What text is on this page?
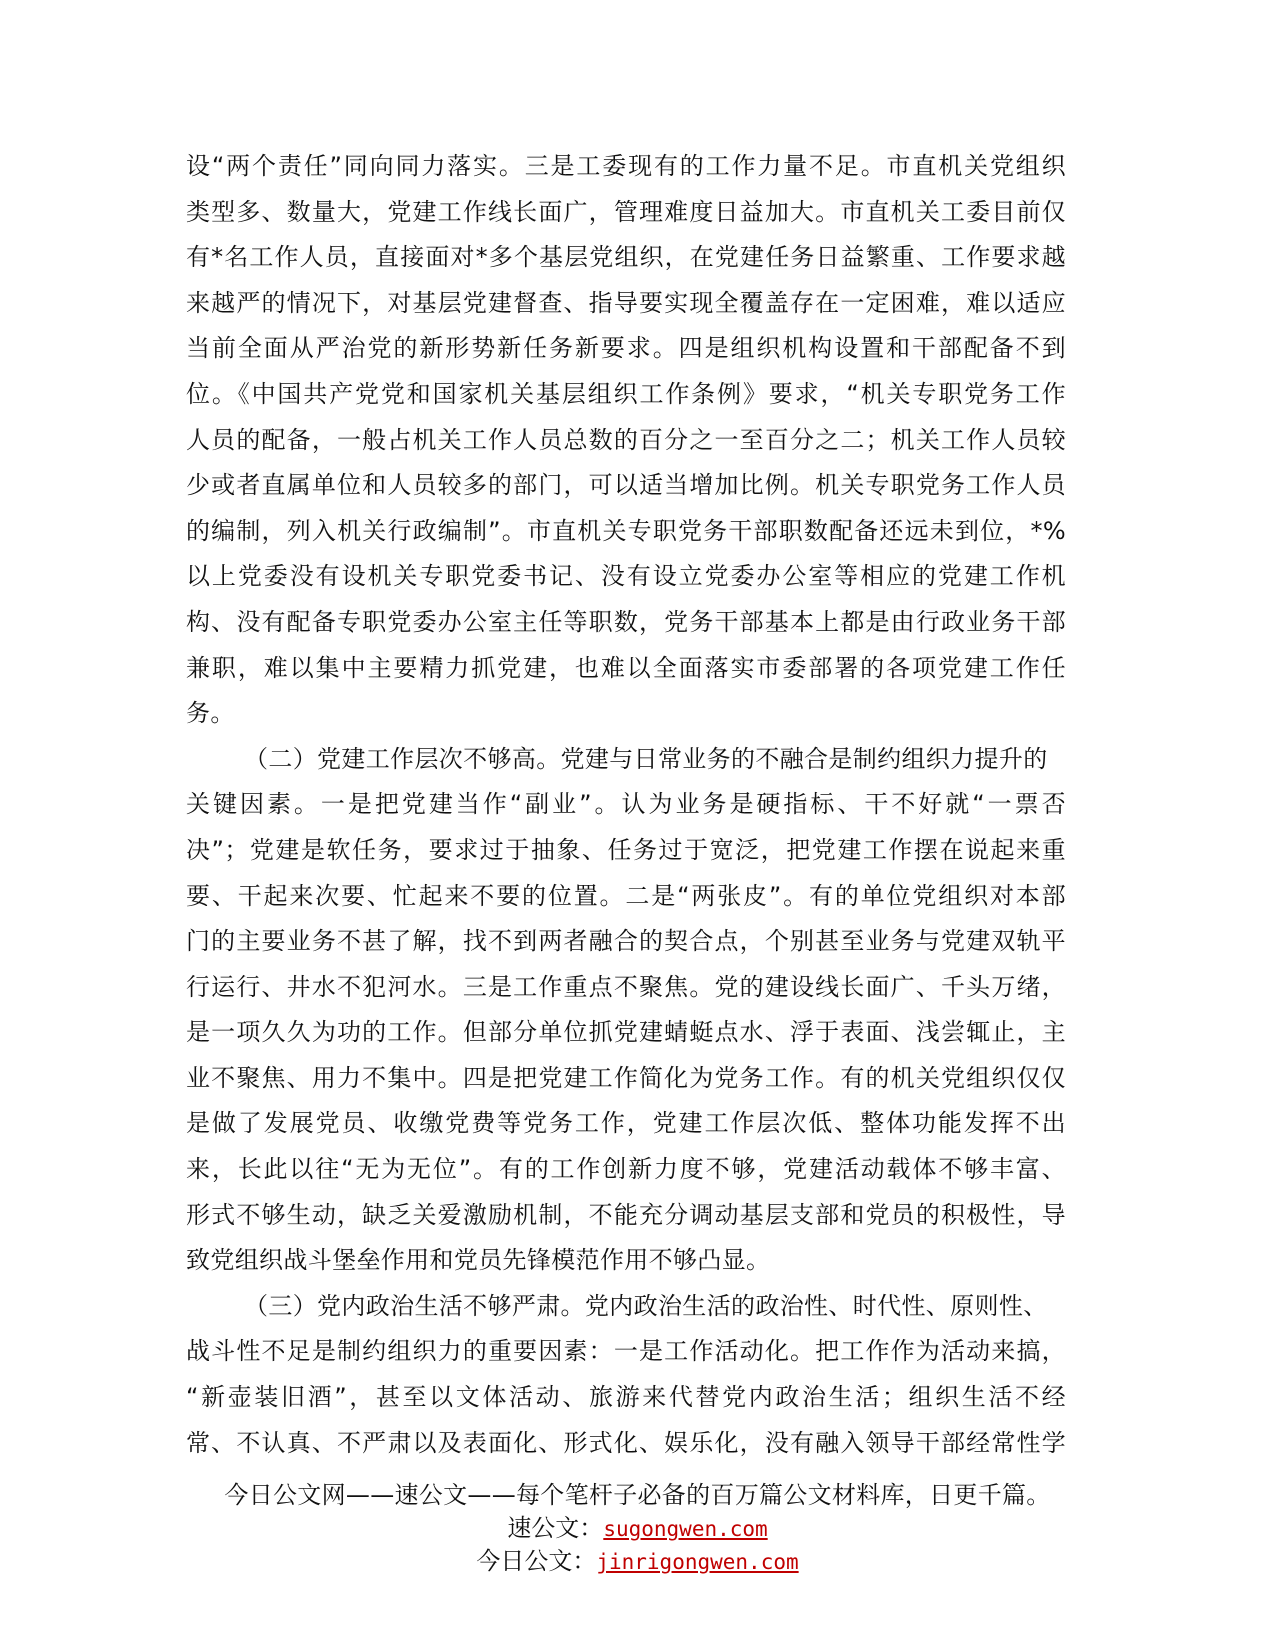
设“两个责任”同向同力落实。三是工委现有的工作力量不足。市直机关党组织
类型多、数量大，党建工作线长面广，管理难度日益加大。市直机关工委目前仅
有*名工作人员，直接面对*多个基层党组织，在党建任务日益繁重、工作要求越
来越严的情况下，对基层党建督查、指导要实现全覆盖存在一定困难，难以适应
当前全面从严治党的新形势新任务新要求。四是组织机构设置和干部配备不到
位。《中国共产党党和国家机关基层组织工作条例》要求，“机关专职党务工作
人员的配备，一般占机关工作人员总数的百分之一至百分之二；机关工作人员较
少或者直属单位和人员较多的部门，可以适当增加比例。机关专职党务工作人员
的编制，列入机关行政编制”。市直机关专职党务干部职数配备还远未到位，*%
以上党委没有设机关专职党委书记、没有设立党委办公室等相应的党建工作机
构、没有配备专职党委办公室主任等职数，党务干部基本上都是由行政业务干部
兼职，难以集中主要精力抓党建，也难以全面落实市委部署的各项党建工作任
务。
（二）党建工作层次不够高。党建与日常业务的不融合是制约组织力提升的
关键因素。一是把党建当作“副业”。认为业务是硬指标、干不好就“一票否
决”；党建是软任务，要求过于抽象、任务过于宽泛，把党建工作摆在说起来重
要、干起来次要、忙起来不要的位置。二是“两张皮”。有的单位党组织对本部
门的主要业务不甚了解，找不到两者融合的契合点，个别甚至业务与党建双轨平
行运行、井水不犯河水。三是工作重点不聚焦。党的建设线长面广、千头万绪，
是一项久久为功的工作。但部分单位抓党建蜻蜓点水、浮于表面、浅尝辄止，主
业不聚焦、用力不集中。四是把党建工作简化为党务工作。有的机关党组织仅仅
是做了发展党员、收缴党费等党务工作，党建工作层次低、整体功能发挥不出
来，长此以往“无为无位”。有的工作创新力度不够，党建活动载体不够丰富、
形式不够生动，缺乏关爱激励机制，不能充分调动基层支部和党员的积极性，导
致党组织战斗堡垒作用和党员先锋模范作用不够凸显。
（三）党内政治生活不够严肃。党内政治生活的政治性、时代性、原则性、
战斗性不足是制约组织力的重要因素：一是工作活动化。把工作作为活动来搞，
“新壶装旧酒”，甚至以文体活动、旅游来代替党内政治生活；组织生活不经
常、不认真、不严肃以及表面化、形式化、娱乐化，没有融入领导干部经常性学
今日公文网——速公文——每个笔杆子必备的百万篇公文材料库，日更千篇。
速公文：sugongwen.com
今日公文：jinrigongwen.com
